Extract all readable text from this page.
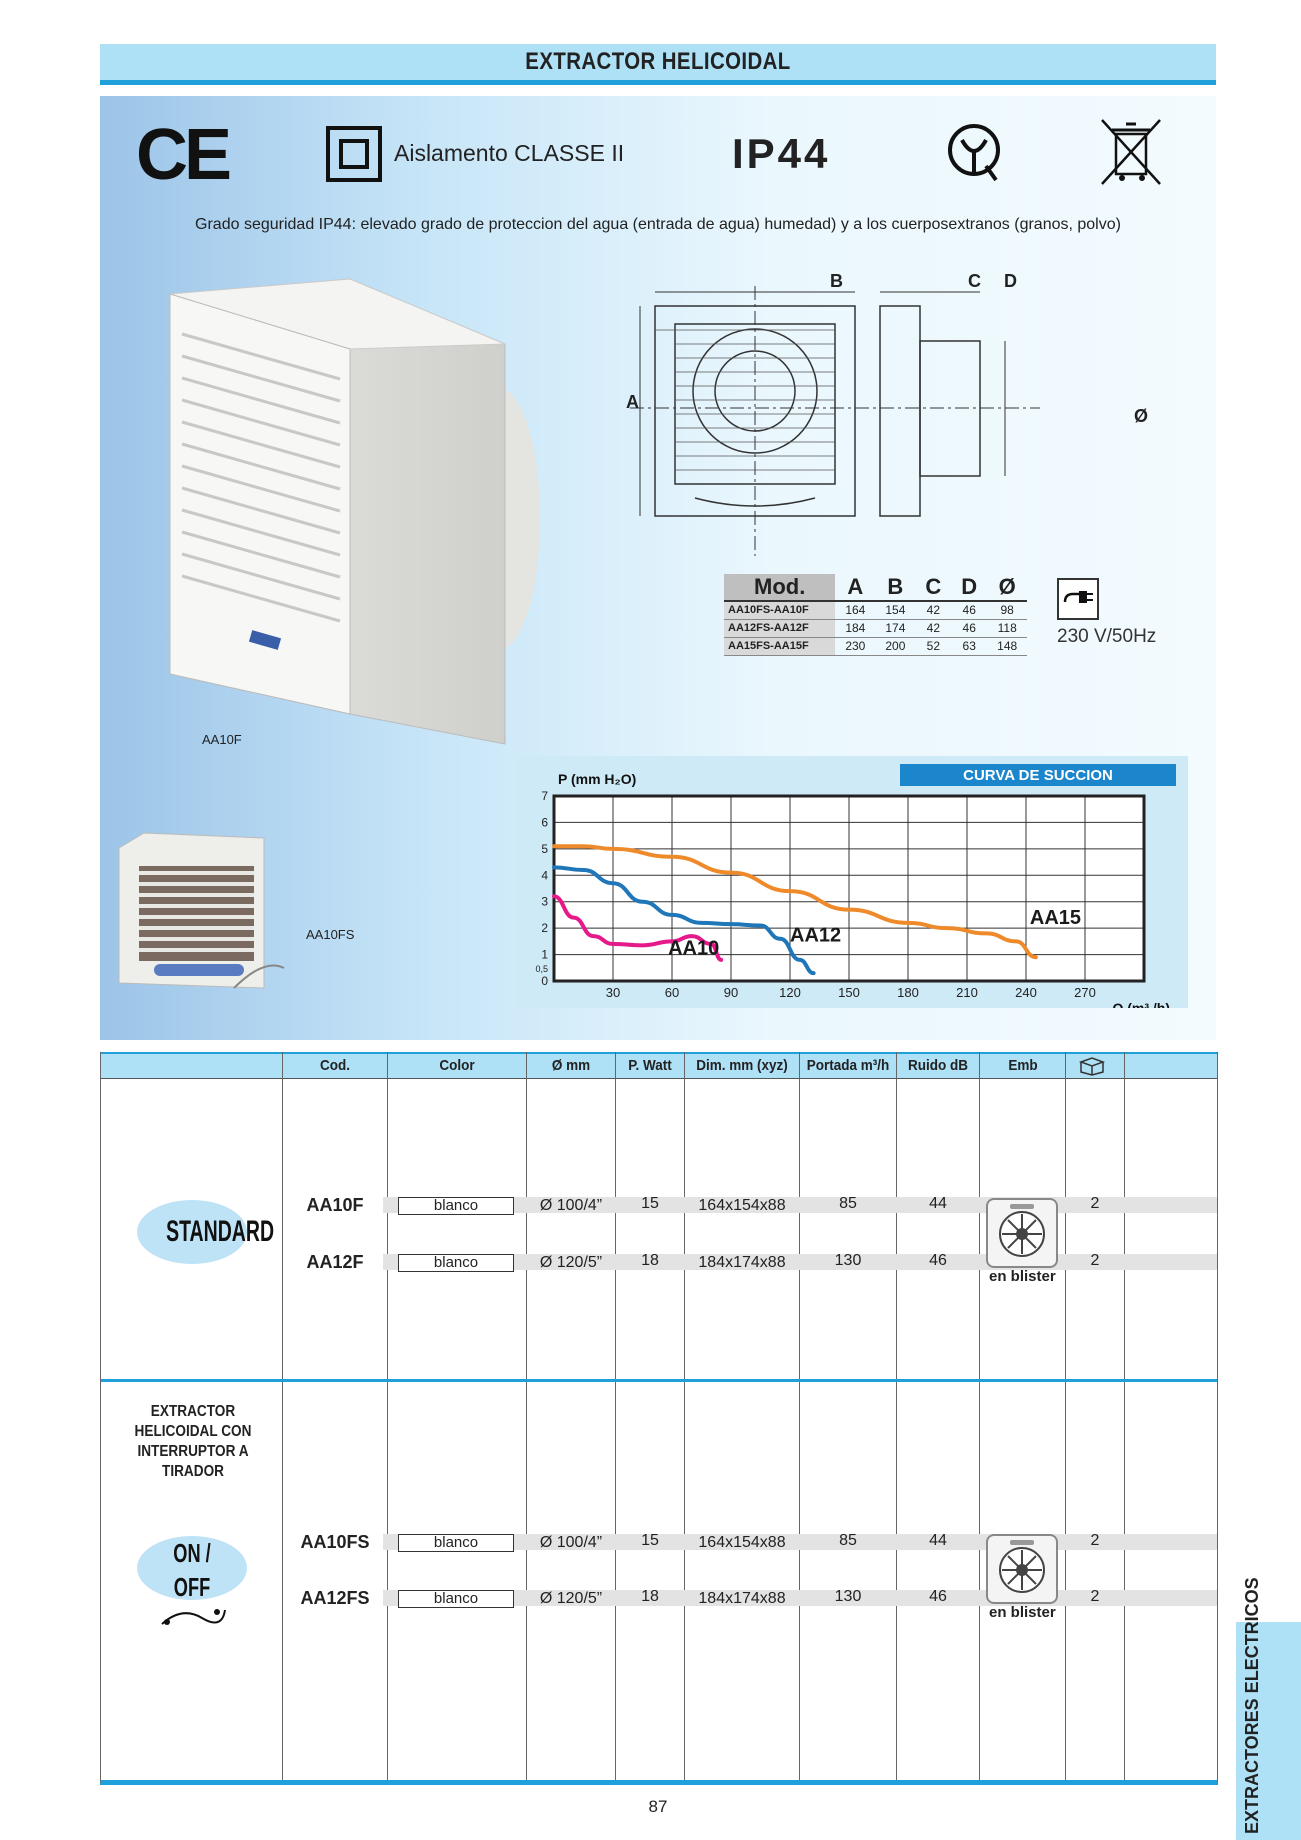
EXTRACTOR HELICOIDAL
CE	Aislamento CLASSE II	IP44
Grado seguridad IP44: elevado grado de proteccion del agua (entrada de agua) humedad) y a los cuerposextranos (granos, polvo)
AA10F
AA10FS
B	C D
A
Ø
Mod.	A	B	C	D	Ø
AA10FS-AA10F	164	154	42	46	98
AA12FS-AA12F	184	174	42	46	118
AA15FS-AA15F	230	200	52	63	148 230 V/50Hz
30	60	90	120	150	180	210	240	270
0
0,5
1
2
3
4
5
6
7
P (mm H₂O)
Q (m³ /h)
CURVA DE SUCCION
AA10
AA12
AA15
Cod.	Color	Ø mm	P. Watt	Dim. mm (xyz)	Portada m³/h	Ruido dB	Emb
STANDARD
AA10F	blanco	Ø 100/4”	15	164x154x88	85	44	2
AA12F	blanco	Ø 120/5”	18	184x174x88	130	46	2
en blister
EXTRACTOR HELICOIDAL CON INTERRUPTOR A TIRADOR
ON / OFF
AA10FS	blanco	Ø 100/4”	15	164x154x88	85	44	2
AA12FS	blanco	Ø 120/5”	18	184x174x88	130	46	2
en blister
87	EXTRACTORES ELECTRICOS
